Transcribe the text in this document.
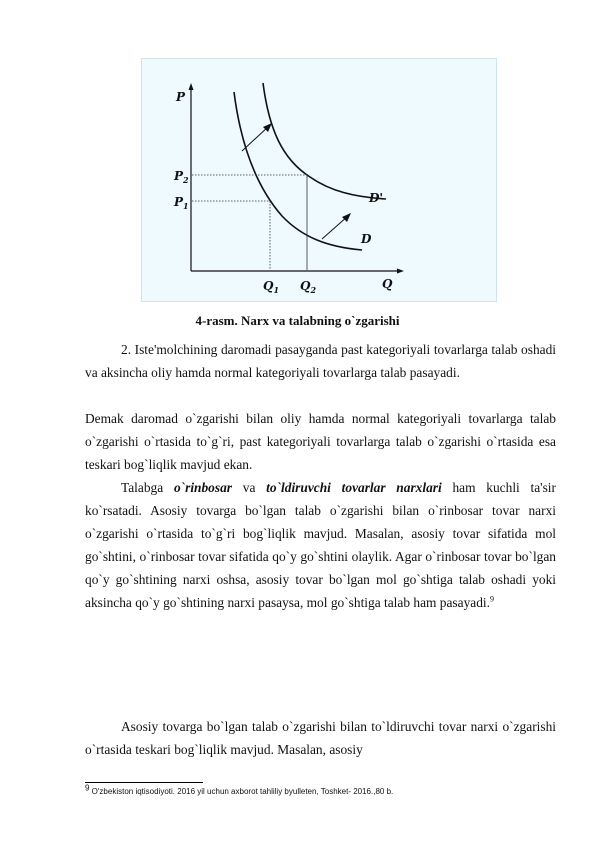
P
$P_2$
$P_1$
$Q_1$ $Q_2$	Q
D'
D
4-rasm. Narx va talabning o`zgarishi

2. Iste'molchining daromadi pasayganda past kategoriyali tovarlarga talab oshadi va aksincha oliy hamda normal kategoriyali tovarlarga talab pasayadi.

Demak daromad o`zgarishi bilan oliy hamda normal kategoriyali tovarlarga talab o`zgarishi o`rtasida to`g`ri, past kategoriyali tovarlarga talab o`zgarishi o`rtasida esa teskari bog`liqlik mavjud ekan.

Talabga o`rinbosar va to`ldiruvchi tovarlar narxlari ham kuchli ta'sir ko`rsatadi. Asosiy tovarga bo`lgan talab o`zgarishi bilan o`rinbosar tovar narxi o`zgarishi o`rtasida to`g`ri bog`liqlik mavjud. Masalan, asosiy tovar sifatida mol go`shtini, o`rinbosar tovar sifatida qo`y go`shtini olaylik. Agar o`rinbosar tovar bo`lgan qo`y go`shtining narxi oshsa, asosiy tovar bo`lgan mol go`shtiga talab oshadi yoki aksincha qo`y go`shtining narxi pasaysa, mol go`shtiga talab ham pasayadi.$^9$

Asosiy tovarga bo`lgan talab o`zgarishi bilan to`ldiruvchi tovar narxi o`zgarishi o`rtasida teskari bog`liqlik mavjud. Masalan, asosiy

$^9$ O'zbekiston iqtisodiyoti. 2016 yil uchun axborot tahliliy byulleten, Toshket- 2016.,80 b.
